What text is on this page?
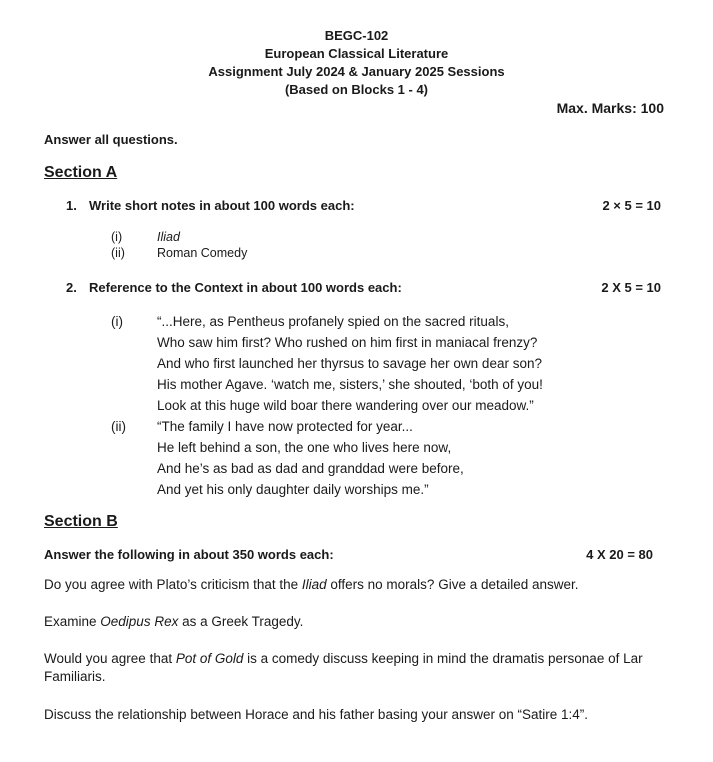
BEGC-102
European Classical Literature
Assignment July 2024 & January 2025 Sessions
(Based on Blocks 1 - 4)
Max. Marks: 100
Answer all questions.
Section A
1. Write short notes in about 100 words each:	2 × 5 = 10
(i)	Iliad
(ii)	Roman Comedy
2. Reference to the Context in about 100 words each:	2 X 5 = 10
(i)	“...Here, as Pentheus profanely spied on the sacred rituals,
Who saw him first? Who rushed on him first in maniacal frenzy?
And who first launched her thyrsus to savage her own dear son?
His mother Agave. ‘watch me, sisters,’ she shouted, ‘both of you!
Look at this huge wild boar there wandering over our meadow.”
(ii) “The family I have now protected for year...
He left behind a son, the one who lives here now,
And he’s as bad as dad and granddad were before,
And yet his only daughter daily worships me.”
Section B
Answer the following in about 350 words each:	4 X 20 = 80
Do you agree with Plato’s criticism that the Iliad offers no morals? Give a detailed answer.
Examine Oedipus Rex as a Greek Tragedy.
Would you agree that Pot of Gold is a comedy discuss keeping in mind the dramatis personae of Lar
Familiaris.
Discuss the relationship between Horace and his father basing your answer on “Satire 1:4”.
